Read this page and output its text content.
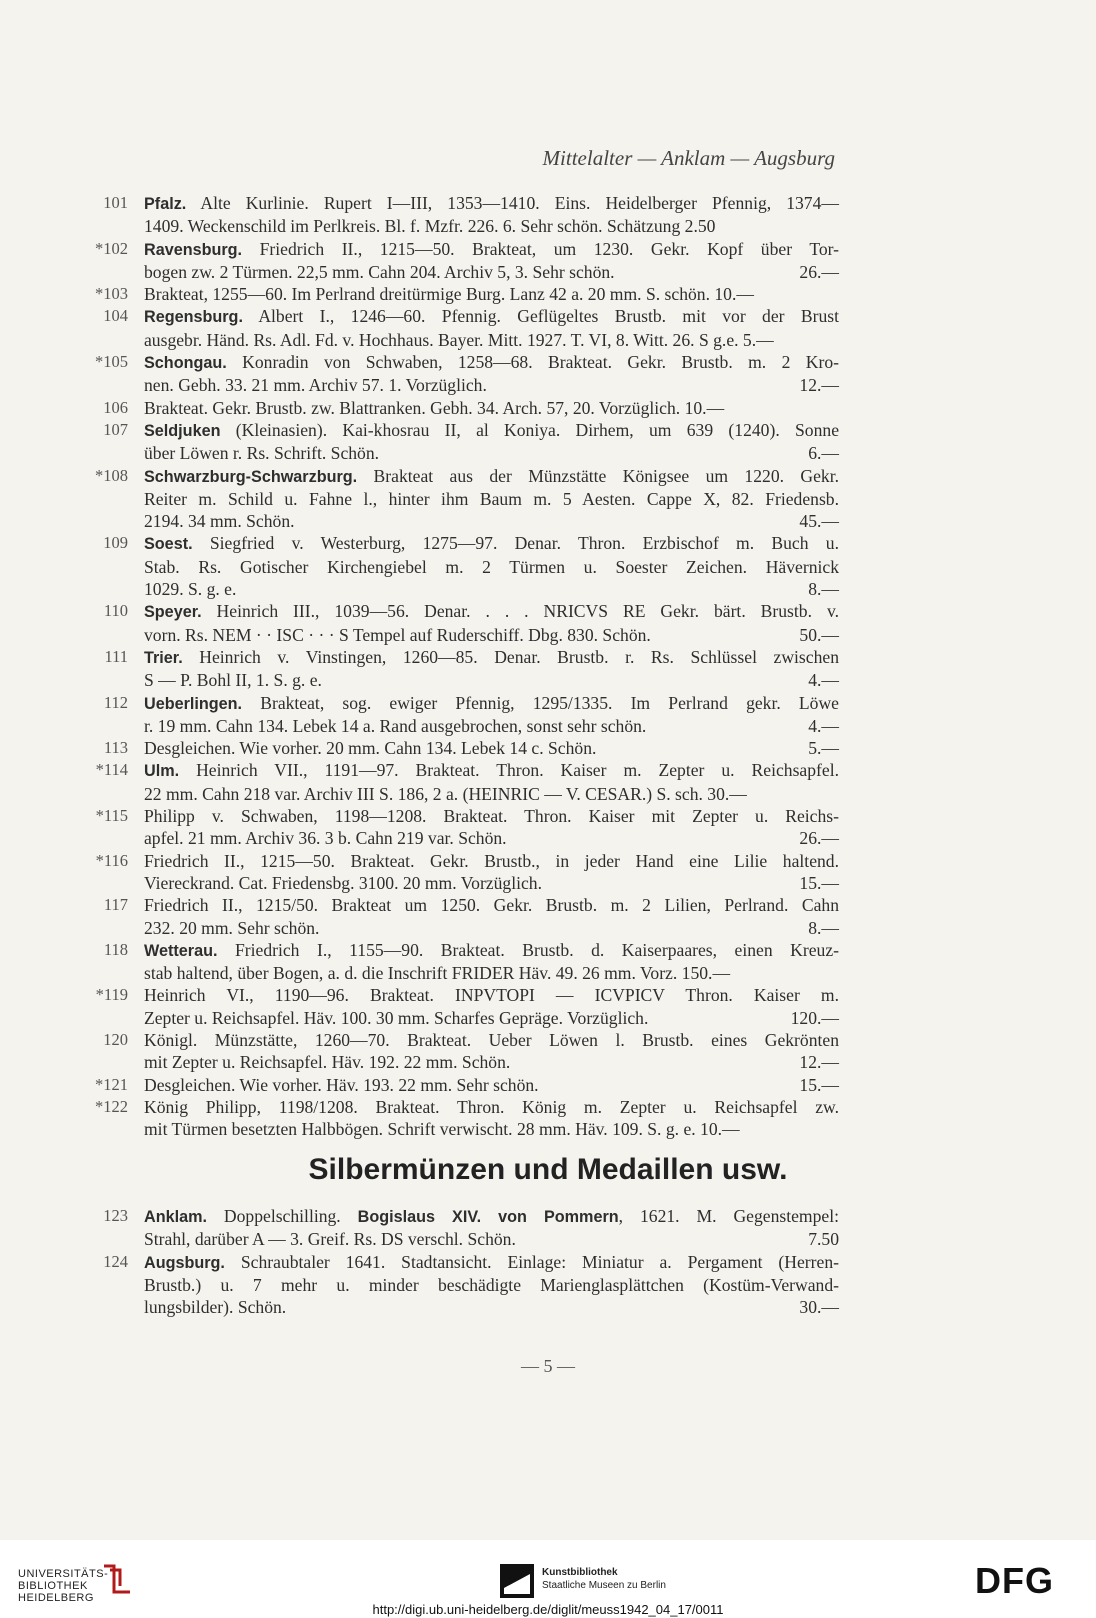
Mittelalter — Anklam — Augsburg
101 Pfalz. Alte Kurlinie. Rupert I—III, 1353—1410. Eins. Heidelberger Pfennig, 1374—
1409. Weckenschild im Perlkreis. Bl. f. Mzfr. 226. 6. Sehr schön. Schätzung 2.50
*102 Ravensburg. Friedrich II., 1215—50. Brakteat, um 1230. Gekr. Kopf über Tor-
bogen zw. 2 Türmen. 22,5 mm. Cahn 204. Archiv 5, 3. Sehr schön.	26.—
*103 Brakteat, 1255—60. Im Perlrand dreitürmige Burg. Lanz 42 a. 20 mm. S. schön. 10.—
104 Regensburg. Albert I., 1246—60. Pfennig. Geflügeltes Brustb. mit vor der Brust
ausgebr. Händ. Rs. Adl. Fd. v. Hochhaus. Bayer. Mitt. 1927. T. VI, 8. Witt. 26. S g.e. 5.—
*105 Schongau. Konradin von Schwaben, 1258—68. Brakteat. Gekr. Brustb. m. 2 Kro-
nen. Gebh. 33. 21 mm. Archiv 57. 1. Vorzüglich.	12.—
106 Brakteat. Gekr. Brustb. zw. Blattranken. Gebh. 34. Arch. 57, 20. Vorzüglich. 10.—
107 Seldjuken (Kleinasien). Kai-khosrau II, al Koniya. Dirhem, um 639 (1240). Sonne
über Löwen r. Rs. Schrift. Schön.	6.—
*108 Schwarzburg-Schwarzburg. Brakteat aus der Münzstätte Königsee um 1220. Gekr.
Reiter m. Schild u. Fahne l., hinter ihm Baum m. 5 Aesten. Cappe X, 82. Friedensb.
2194. 34 mm. Schön.	45.—
109 Soest. Siegfried v. Westerburg, 1275—97. Denar. Thron. Erzbischof m. Buch u.
Stab. Rs. Gotischer Kirchengiebel m. 2 Türmen u. Soester Zeichen. Hävernick
1029. S. g. e.	8.—
110 Speyer. Heinrich III., 1039—56. Denar. . . . NRICVS RE Gekr. bärt. Brustb. v.
vorn. Rs. NEM · · ISC · · · S Tempel auf Ruderschiff. Dbg. 830. Schön.	50.—
111 Trier. Heinrich v. Vinstingen, 1260—85. Denar. Brustb. r. Rs. Schlüssel zwischen
S — P. Bohl II, 1. S. g. e.	4.—
112 Ueberlingen. Brakteat, sog. ewiger Pfennig, 1295/1335. Im Perlrand gekr. Löwe
r. 19 mm. Cahn 134. Lebek 14 a. Rand ausgebrochen, sonst sehr schön.	4.—
113 Desgleichen. Wie vorher. 20 mm. Cahn 134. Lebek 14 c. Schön.	5.—
*114 Ulm. Heinrich VII., 1191—97. Brakteat. Thron. Kaiser m. Zepter u. Reichsapfel.
22 mm. Cahn 218 var. Archiv III S. 186, 2 a. (HEINRIC — V. CESAR.) S. sch. 30.—
*115 Philipp v. Schwaben, 1198—1208. Brakteat. Thron. Kaiser mit Zepter u. Reichs-
apfel. 21 mm. Archiv 36. 3 b. Cahn 219 var. Schön.	26.—
*116 Friedrich II., 1215—50. Brakteat. Gekr. Brustb., in jeder Hand eine Lilie haltend.
Viereckrand. Cat. Friedensbg. 3100. 20 mm. Vorzüglich.	15.—
117 Friedrich II., 1215/50. Brakteat um 1250. Gekr. Brustb. m. 2 Lilien, Perlrand. Cahn
232. 20 mm. Sehr schön.	8.—
118 Wetterau. Friedrich I., 1155—90. Brakteat. Brustb. d. Kaiserpaares, einen Kreuz-
stab haltend, über Bogen, a. d. die Inschrift FRIDER Häv. 49. 26 mm. Vorz. 150.—
*119 Heinrich VI., 1190—96. Brakteat. INPVTOPI — ICVPICV Thron. Kaiser m.
Zepter u. Reichsapfel. Häv. 100. 30 mm. Scharfes Gepräge. Vorzüglich.	120.—
120 Königl. Münzstätte, 1260—70. Brakteat. Ueber Löwen l. Brustb. eines Gekrönten
mit Zepter u. Reichsapfel. Häv. 192. 22 mm. Schön.	12.—
*121 Desgleichen. Wie vorher. Häv. 193. 22 mm. Sehr schön.	15.—
*122 König Philipp, 1198/1208. Brakteat. Thron. König m. Zepter u. Reichsapfel zw.
mit Türmen besetzten Halbbögen. Schrift verwischt. 28 mm. Häv. 109. S. g. e. 10.—
Silbermünzen und Medaillen usw.
123 Anklam. Doppelschilling. Bogislaus XIV. von Pommern, 1621. M. Gegenstempel:
Strahl, darüber A — 3. Greif. Rs. DS verschl. Schön.	7.50
124 Augsburg. Schraubtaler 1641. Stadtansicht. Einlage: Miniatur a. Pergament (Herren-
Brustb.) u. 7 mehr u. minder beschädigte Marienglasplättchen (Kostüm-Verwand-
lungsbilder). Schön.	30.—
— 5 —
UNIVERSITÄTS-
BIBLIOTHEK
HEIDELBERG
Kunstbibliothek
Staatliche Museen zu Berlin	DFG
http://digi.ub.uni-heidelberg.de/diglit/meuss1942_04_17/0011
